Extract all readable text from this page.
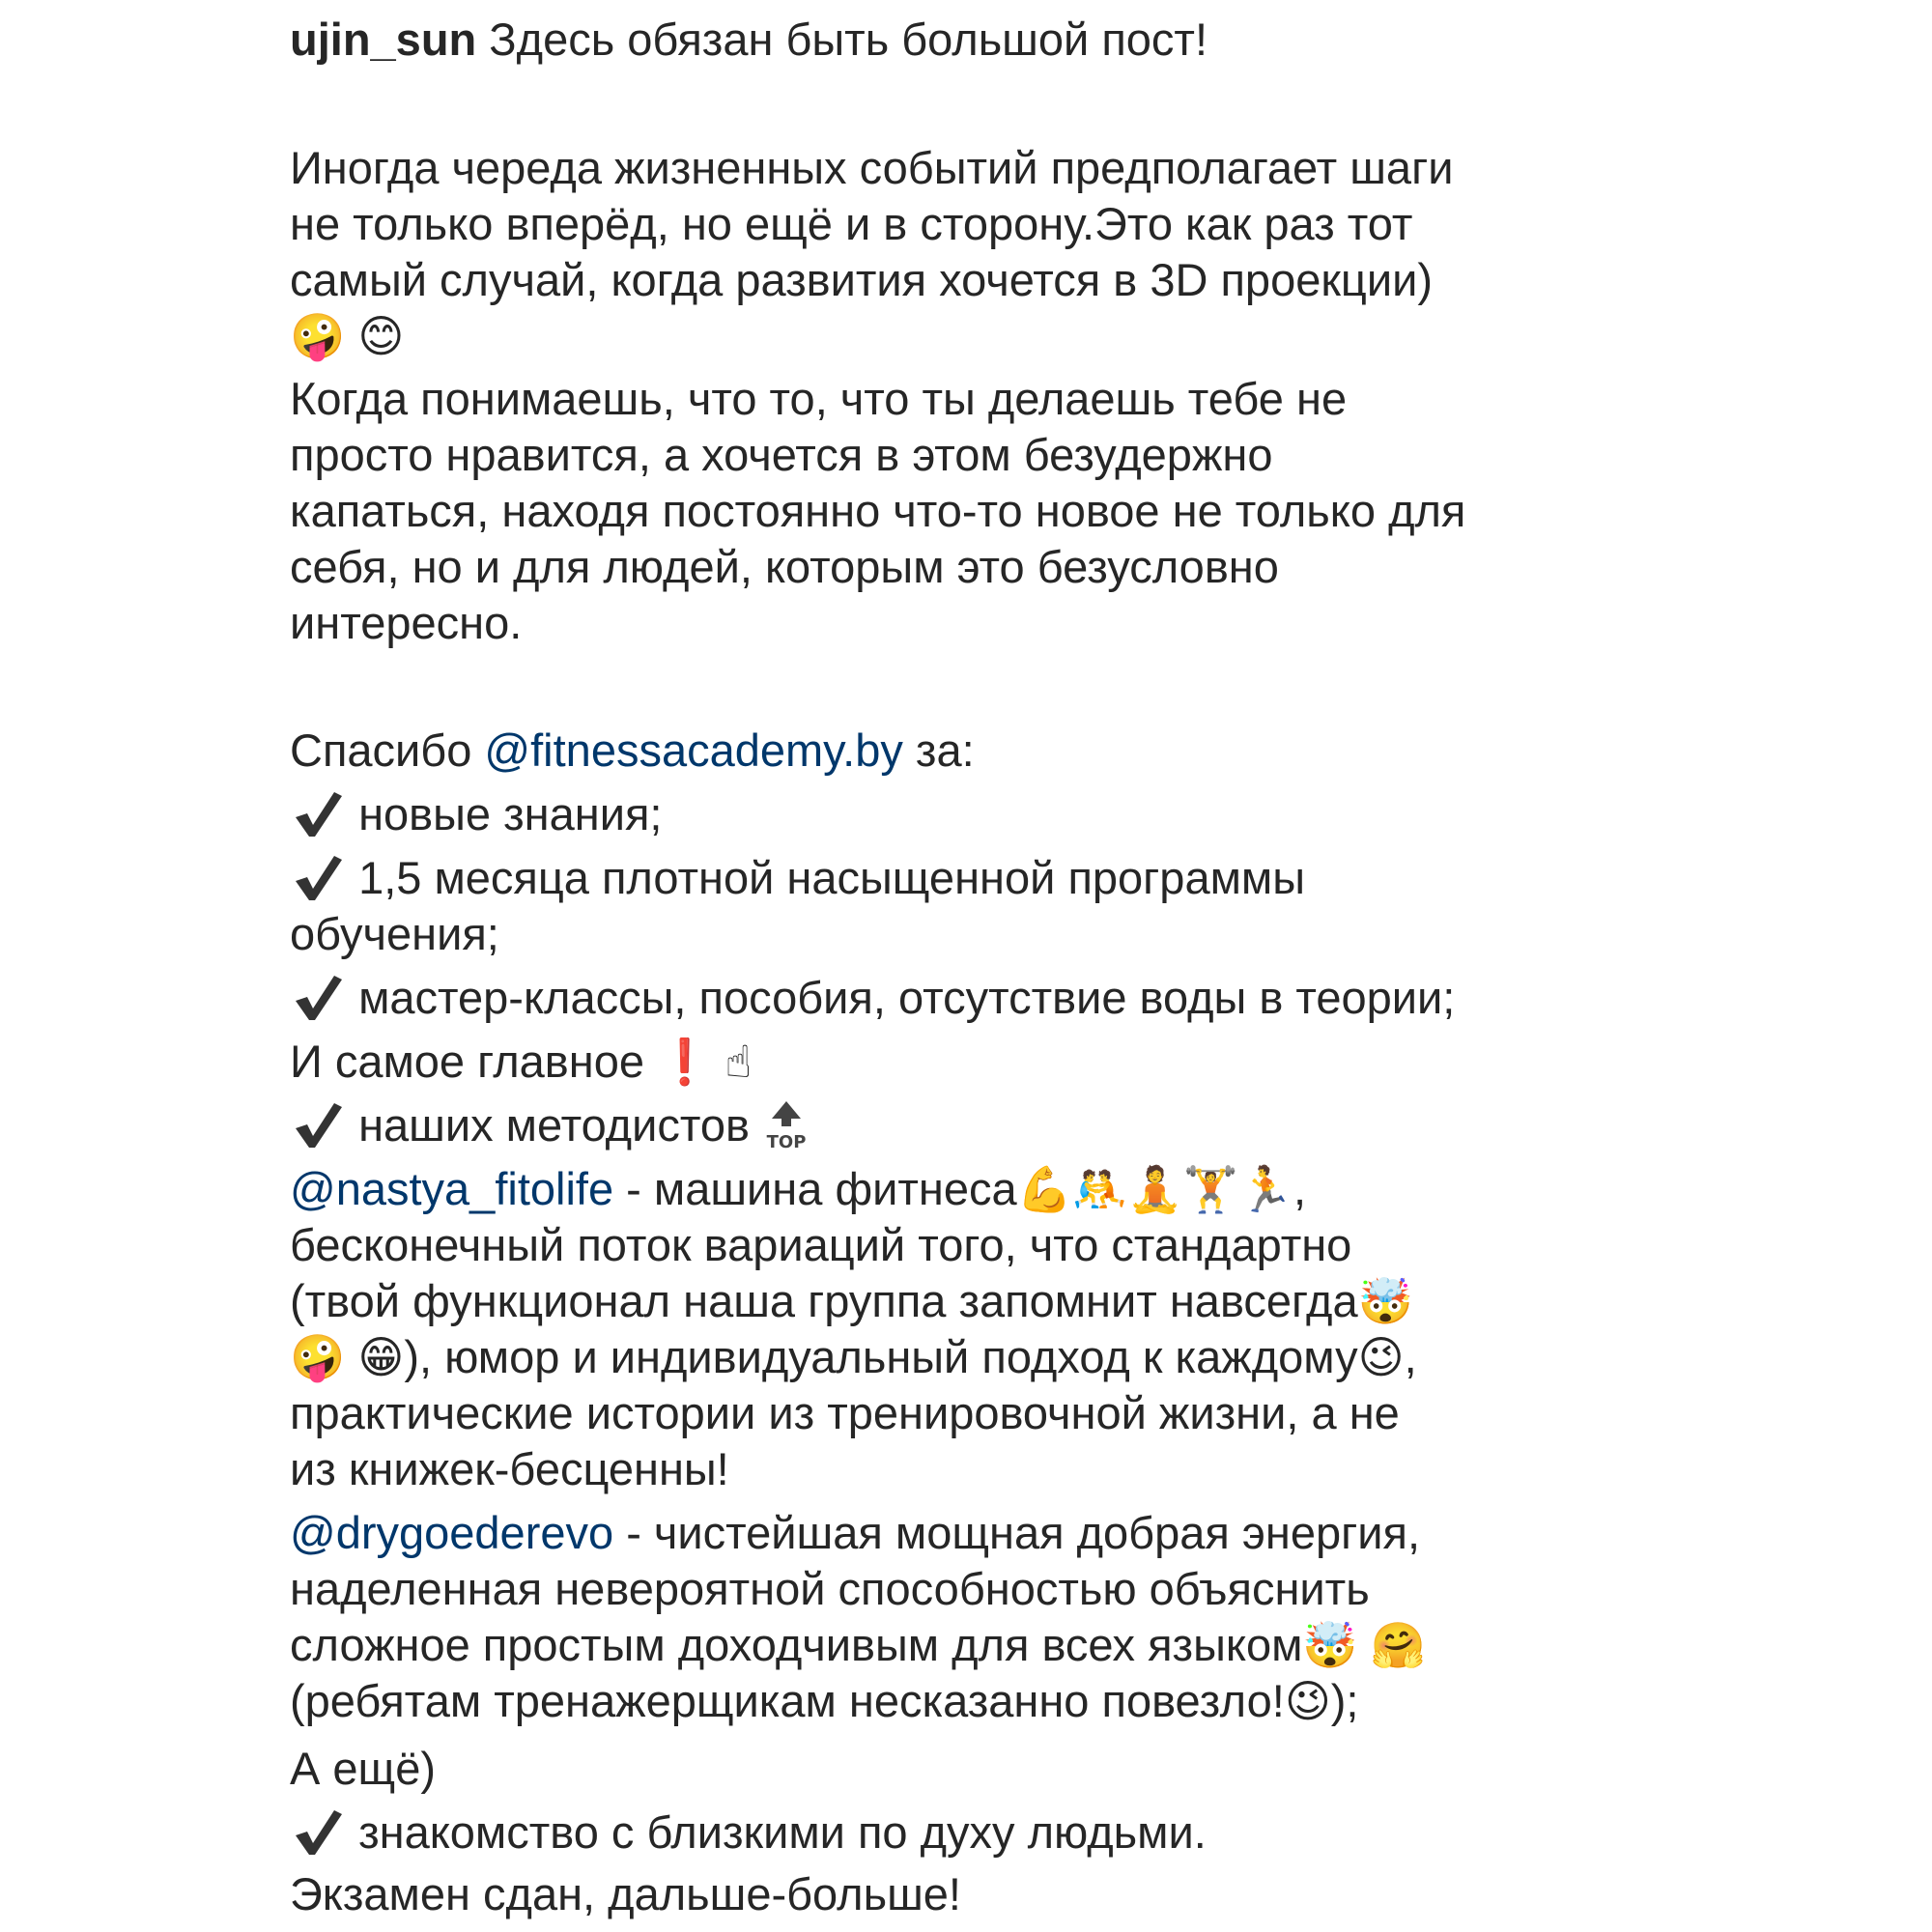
ujin_sun Здесь обязан быть большой пост!
Иногда череда жизненных событий предполагает шаги
не только вперёд, но ещё и в сторону.Это как раз тот
самый случай, когда развития хочется в 3D проекции)
🤪 😊
Когда понимаешь, что то, что ты делаешь тебе не
просто нравится, а хочется в этом безудержно
капаться, находя постоянно что-то новое не только для
себя, но и для людей, которым это безусловно
интересно.
Спасибо @fitnessacademy.by за:
новые знания;
1,5 месяца плотной насыщенной программы
обучения;
мастер-классы, пособия, отсутствие воды в теории;
И самое главное ❗ ☝
наших методистов TOP
@nastya_fitolife - машина фитнеса💪🤼🧘🏋🏃,
бесконечный поток вариаций того, что стандартно
(твой функционал наша группа запомнит навсегда🤯
🤪 😁), юмор и индивидуальный подход к каждому😉,
практические истории из тренировочной жизни, а не
из книжек-бесценны!
@drygoederevo - чистейшая мощная добрая энергия,
наделенная невероятной способностью объяснить
сложное простым доходчивым для всех языком🤯 🤗
(ребятам тренажерщикам несказанно повезло!😉);
А ещё)
знакомство с близкими по духу людьми.
Экзамен сдан, дальше-больше!
